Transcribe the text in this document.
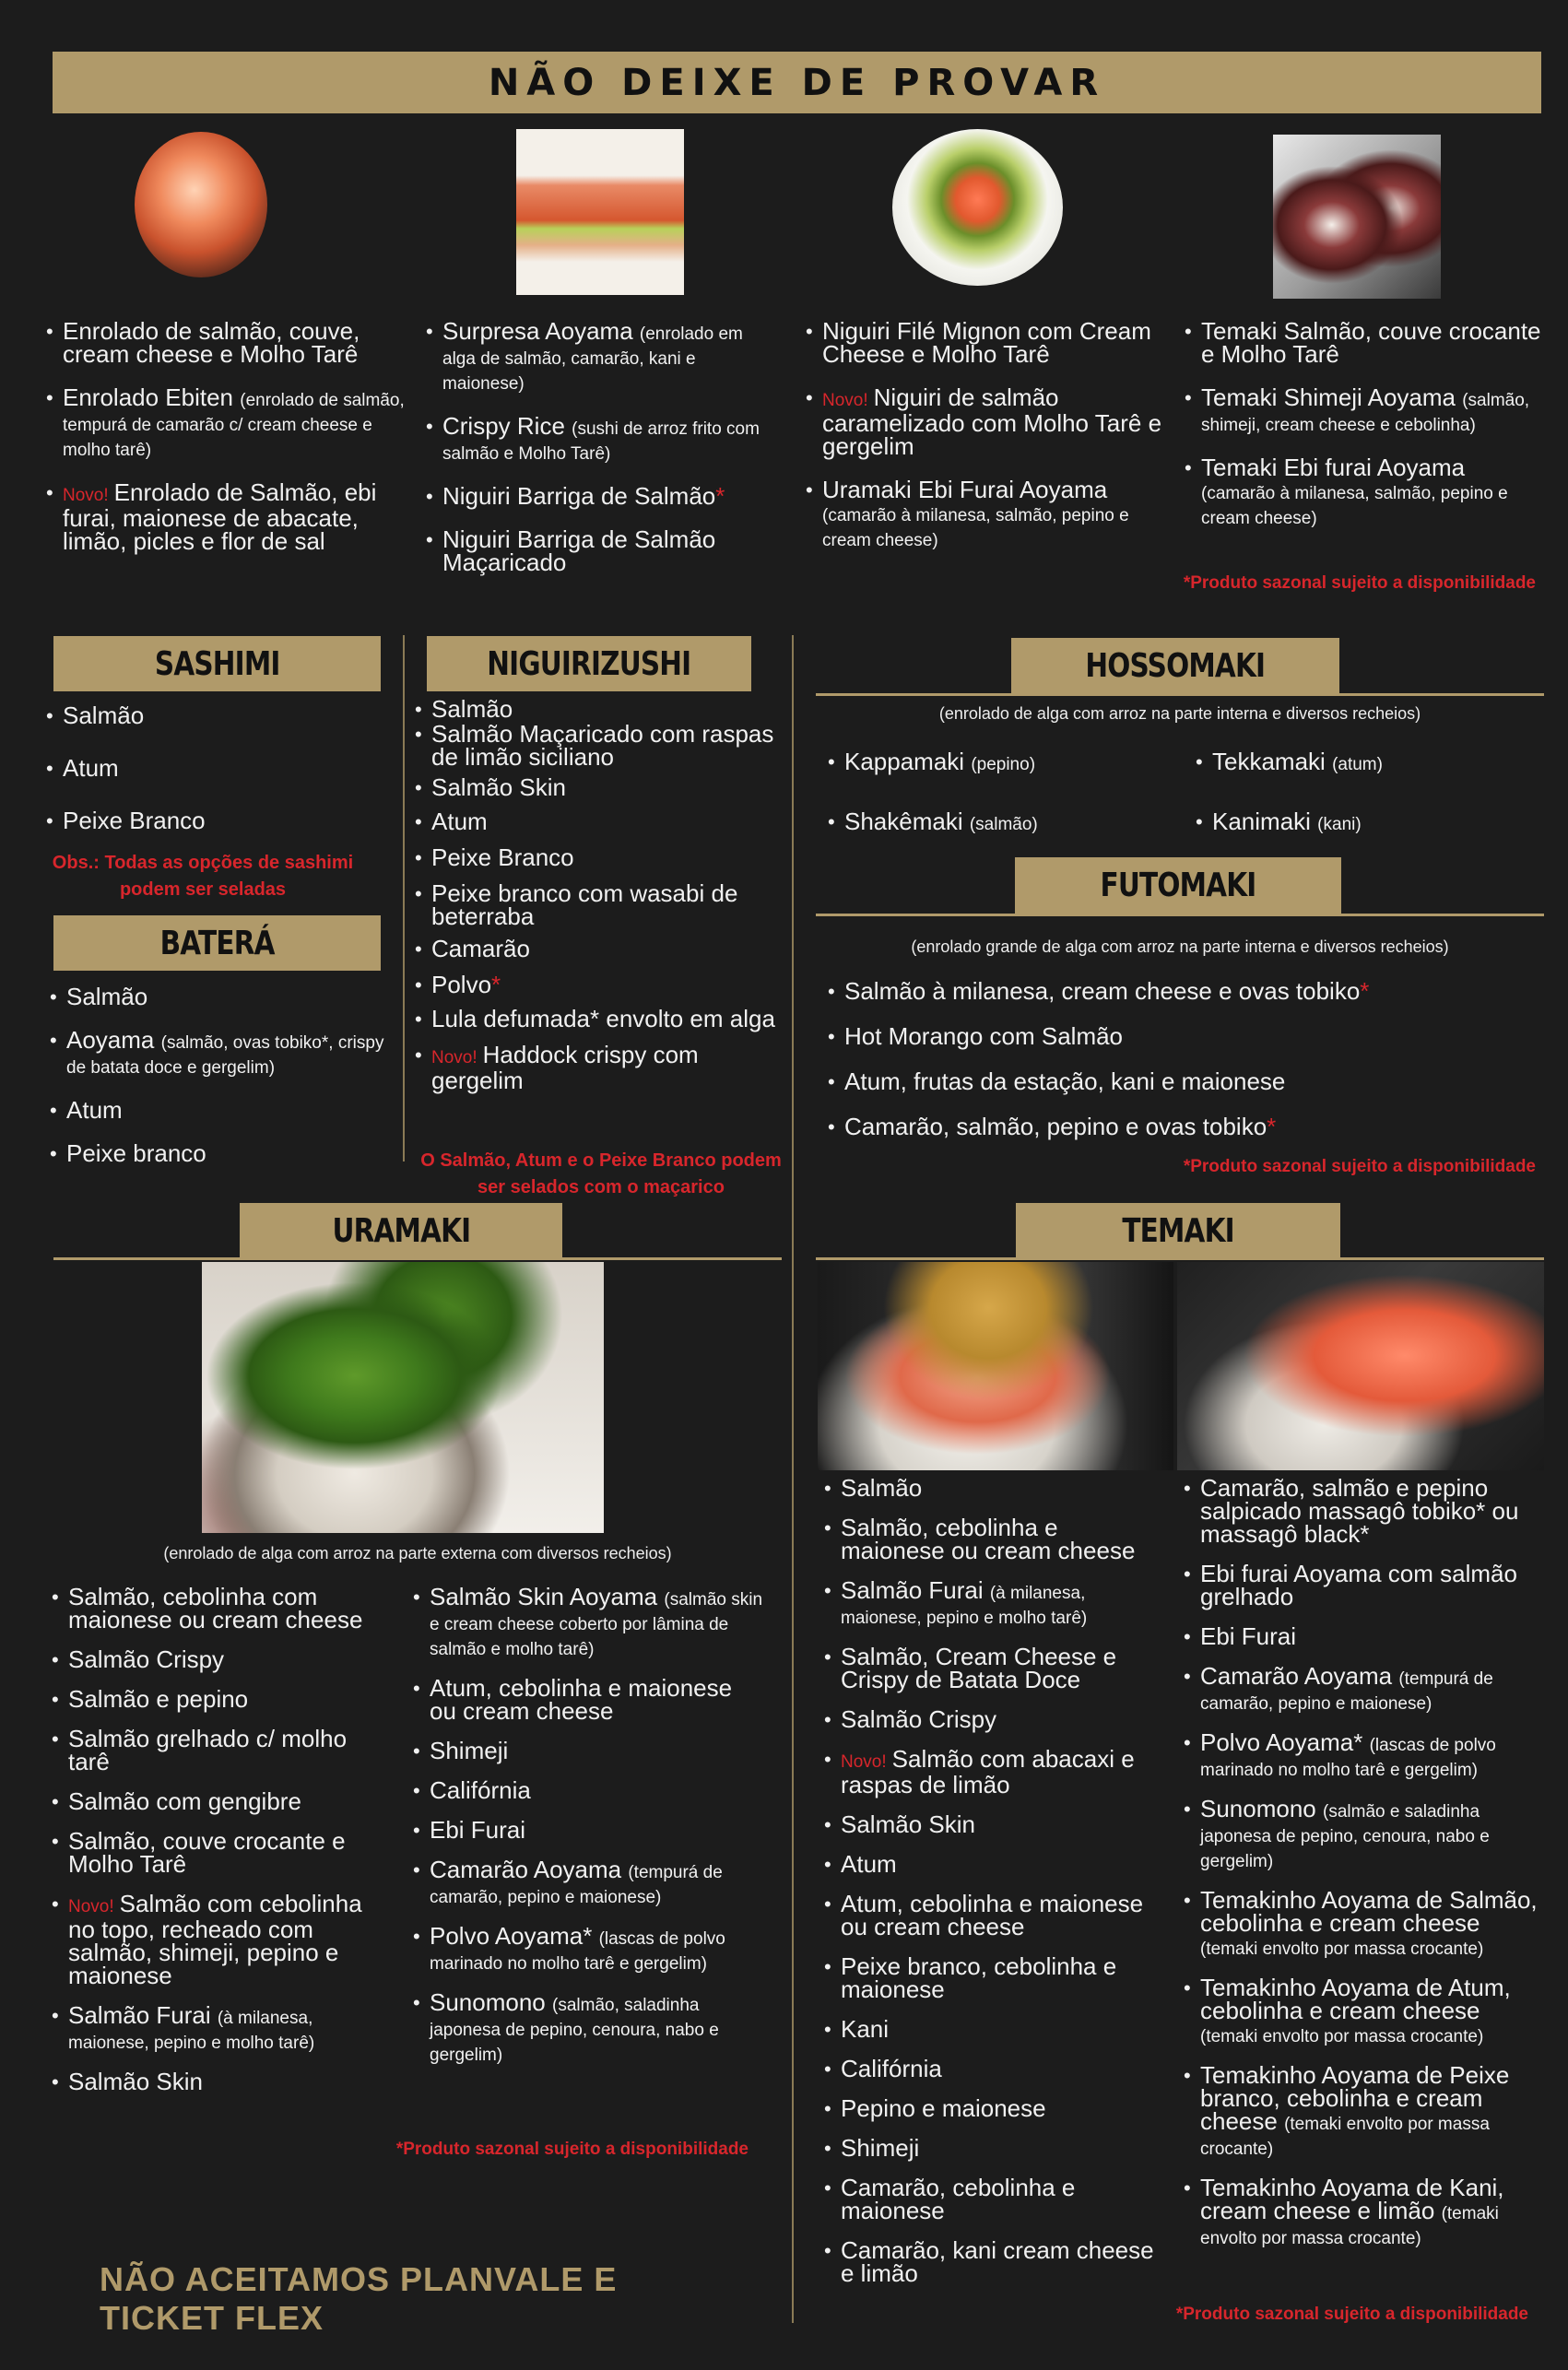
NÃO DEIXE DE PROVAR
• Enrolado de salmão, couve, cream cheese e Molho Tarê
• Enrolado Ebiten (enrolado de salmão, tempurá de camarão c/ cream cheese e molho tarê)
• Novo! Enrolado de Salmão, ebi furai, maionese de abacate, limão, picles e flor de sal
• Surpresa Aoyama (enrolado em alga de salmão, camarão, kani e maionese)
• Crispy Rice (sushi de arroz frito com salmão e Molho Tarê)
• Niguiri Barriga de Salmão*
• Niguiri Barriga de Salmão Maçaricado
• Niguiri Filé Mignon com Cream Cheese e Molho Tarê
• Novo! Niguiri de salmão caramelizado com Molho Tarê e gergelim
• Uramaki Ebi Furai Aoyama (camarão à milanesa, salmão, pepino e cream cheese)
• Temaki Salmão, couve crocante e Molho Tarê
• Temaki Shimeji Aoyama (salmão, shimeji, cream cheese e cebolinha)
• Temaki Ebi furai Aoyama (camarão à milanesa, salmão, pepino e cream cheese)
*Produto sazonal sujeito a disponibilidade
SASHIMI
• Salmão
• Atum
• Peixe Branco
Obs.: Todas as opções de sashimi podem ser seladas
BATERÁ
• Salmão
• Aoyama (salmão, ovas tobiko*, crispy de batata doce e gergelim)
• Atum
• Peixe branco
NIGUIRIZUSHI
• Salmão
• Salmão Maçaricado com raspas de limão siciliano
• Salmão Skin
• Atum
• Peixe Branco
• Peixe branco com wasabi de beterraba
• Camarão
• Polvo*
• Lula defumada* envolto em alga
• Novo! Haddock crispy com gergelim
O Salmão, Atum e o Peixe Branco podem ser selados com o maçarico
HOSSOMAKI
(enrolado de alga com arroz na parte interna e diversos recheios)
• Kappamaki (pepino)
• Shakêmaki (salmão)
• Tekkamaki (atum)
• Kanimaki (kani)
FUTOMAKI
(enrolado grande de alga com arroz na parte interna e diversos recheios)
• Salmão à milanesa, cream cheese e ovas tobiko*
• Hot Morango com Salmão
• Atum, frutas da estação, kani e maionese
• Camarão, salmão, pepino e ovas tobiko*
*Produto sazonal sujeito a disponibilidade
URAMAKI
(enrolado de alga com arroz na parte externa com diversos recheios)
• Salmão, cebolinha com maionese ou cream cheese
• Salmão Crispy
• Salmão e pepino
• Salmão grelhado c/ molho tarê
• Salmão com gengibre
• Salmão, couve crocante e Molho Tarê
• Novo! Salmão com cebolinha no topo, recheado com salmão, shimeji, pepino e maionese
• Salmão Furai (à milanesa, maionese, pepino e molho tarê)
• Salmão Skin
• Salmão Skin Aoyama (salmão skin e cream cheese coberto por lâmina de salmão e molho tarê)
• Atum, cebolinha e maionese ou cream cheese
• Shimeji
• Califórnia
• Ebi Furai
• Camarão Aoyama (tempurá de camarão, pepino e maionese)
• Polvo Aoyama* (lascas de polvo marinado no molho tarê e gergelim)
• Sunomono (salmão, saladinha japonesa de pepino, cenoura, nabo e gergelim)
*Produto sazonal sujeito a disponibilidade
TEMAKI
• Salmão
• Salmão, cebolinha e maionese ou cream cheese
• Salmão Furai (à milanesa, maionese, pepino e molho tarê)
• Salmão, Cream Cheese e Crispy de Batata Doce
• Salmão Crispy
• Novo! Salmão com abacaxi e raspas de limão
• Salmão Skin
• Atum
• Atum, cebolinha e maionese ou cream cheese
• Peixe branco, cebolinha e maionese
• Kani
• Califórnia
• Pepino e maionese
• Shimeji
• Camarão, cebolinha e maionese
• Camarão, kani cream cheese e limão
• Camarão, salmão e pepino salpicado massagô tobiko* ou massagô black*
• Ebi furai Aoyama com salmão grelhado
• Ebi Furai
• Camarão Aoyama (tempurá de camarão, pepino e maionese)
• Polvo Aoyama* (lascas de polvo marinado no molho tarê e gergelim)
• Sunomono (salmão e saladinha japonesa de pepino, cenoura, nabo e gergelim)
• Temakinho Aoyama de Salmão, cebolinha e cream cheese (temaki envolto por massa crocante)
• Temakinho Aoyama de Atum, cebolinha e cream cheese (temaki envolto por massa crocante)
• Temakinho Aoyama de Peixe branco, cebolinha e cream cheese (temaki envolto por massa crocante)
• Temakinho Aoyama de Kani, cream cheese e limão (temaki envolto por massa crocante)
*Produto sazonal sujeito a disponibilidade
NÃO ACEITAMOS PLANVALE E TICKET FLEX
